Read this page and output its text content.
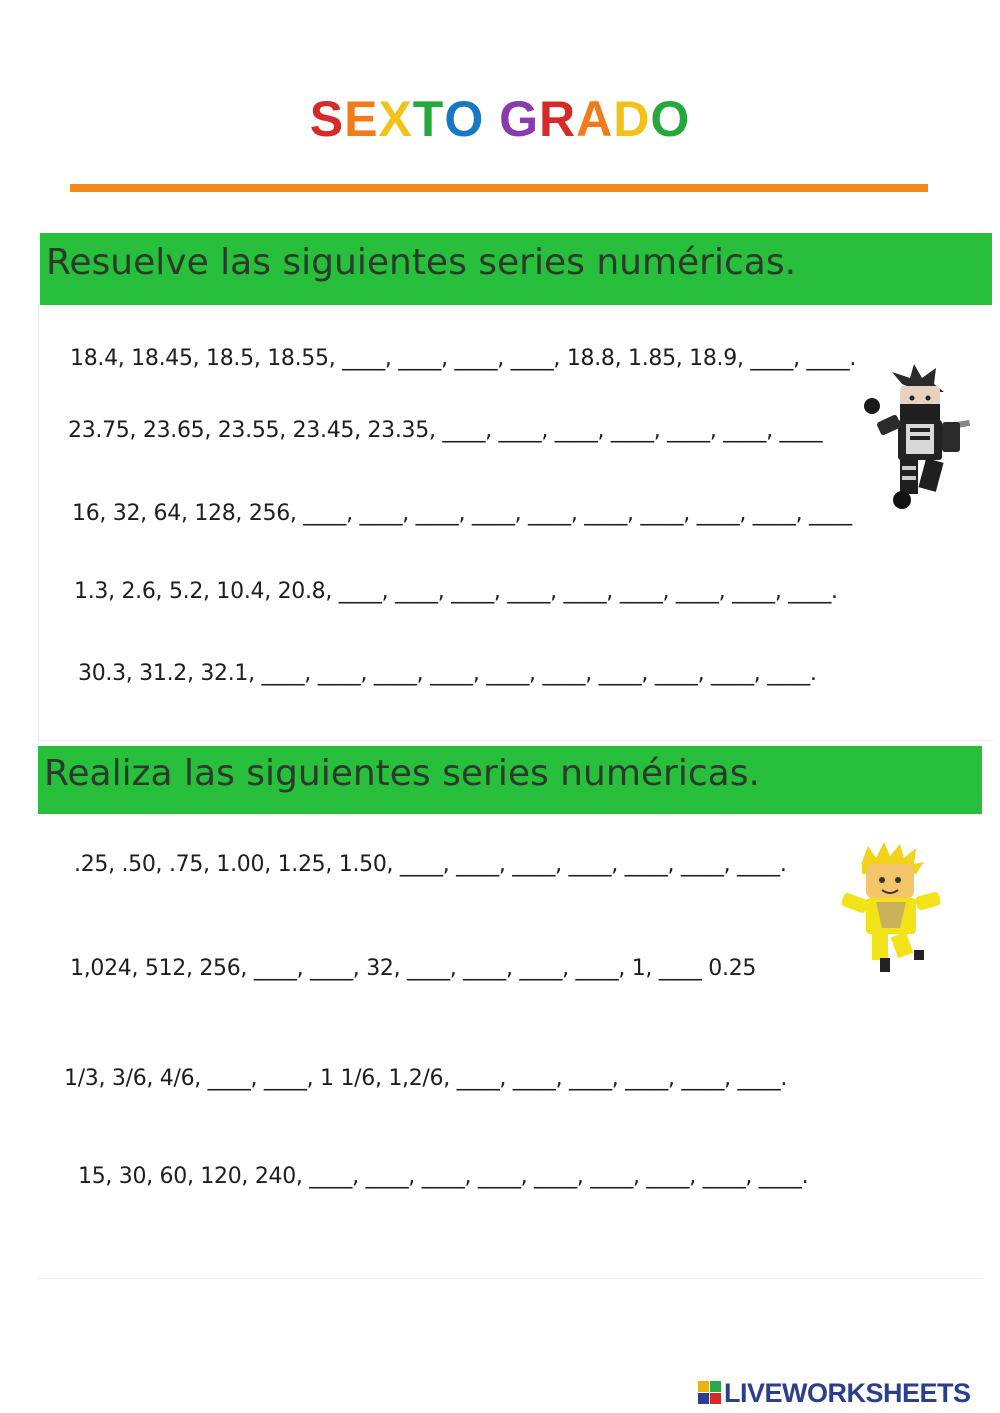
SEXTO GRADO
Resuelve las siguientes series numéricas.
18.4, 18.45, 18.5, 18.55, ____, ____, ____, ____, 18.8, 1.85, 18.9, ____, ____.
23.75, 23.65, 23.55, 23.45, 23.35, ____, ____, ____, ____, ____, ____, ____
16, 32, 64, 128, 256, ____, ____, ____, ____, ____, ____, ____, ____, ____, ____
1.3, 2.6, 5.2, 10.4, 20.8, ____, ____, ____, ____, ____, ____, ____, ____, ____.
30.3, 31.2, 32.1, ____, ____, ____, ____, ____, ____, ____, ____, ____, ____.
Realiza las siguientes series numéricas.
.25, .50, .75, 1.00, 1.25, 1.50, ____, ____, ____, ____, ____, ____, ____.
1,024, 512, 256, ____, ____, 32, ____, ____, ____, ____, 1, ____ 0.25
1/3, 3/6, 4/6, ____, ____, 1 1/6, 1,2/6, ____, ____, ____, ____, ____, ____.
15, 30, 60, 120, 240, ____, ____, ____, ____, ____, ____, ____, ____, ____.
LIVEWORKSHEETS
